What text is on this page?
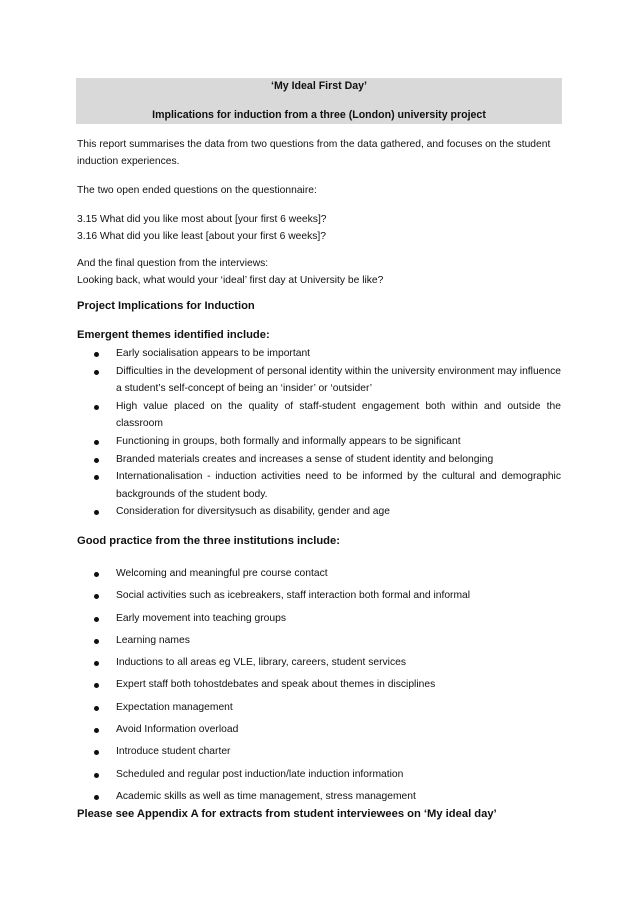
‘My Ideal First Day’
Implications for induction from a three (London) university project

This report summarises the data from two questions from the data gathered, and focuses on the student induction experiences.

The two open ended questions on the questionnaire:

3.15 What did you like most about [your first 6 weeks]?

3.16 What did you like least [about your first 6 weeks]?

And the final question from the interviews:

Looking back, what would your ‘ideal’ first day at University be like?

Project Implications for Induction

Emergent themes identified include:

Early socialisation appears to be important
Difficulties in the development of personal identity within the university environment may influence a student’s self-concept of being an ‘insider’ or ‘outsider’
High value placed on the quality of staff-student engagement both within and outside the classroom
Functioning in groups, both formally and informally appears to be significant
Branded materials creates and increases a sense of student identity and belonging
Internationalisation - induction activities need to be informed by the cultural and demographic backgrounds of the student body.
Consideration for diversitysuch as disability, gender and age

Good practice from the three institutions include:

Welcoming and meaningful pre course contact
Social activities such as icebreakers, staff interaction both formal and informal
Early movement into teaching groups
Learning names
Inductions to all areas eg VLE, library, careers, student services
Expert staff both tohostdebates and speak about themes in disciplines
Expectation management
Avoid Information overload
Introduce student charter
Scheduled and regular post induction/late induction information
Academic skills as well as time management, stress management

Please see Appendix A for extracts from student interviewees on ‘My ideal day’
